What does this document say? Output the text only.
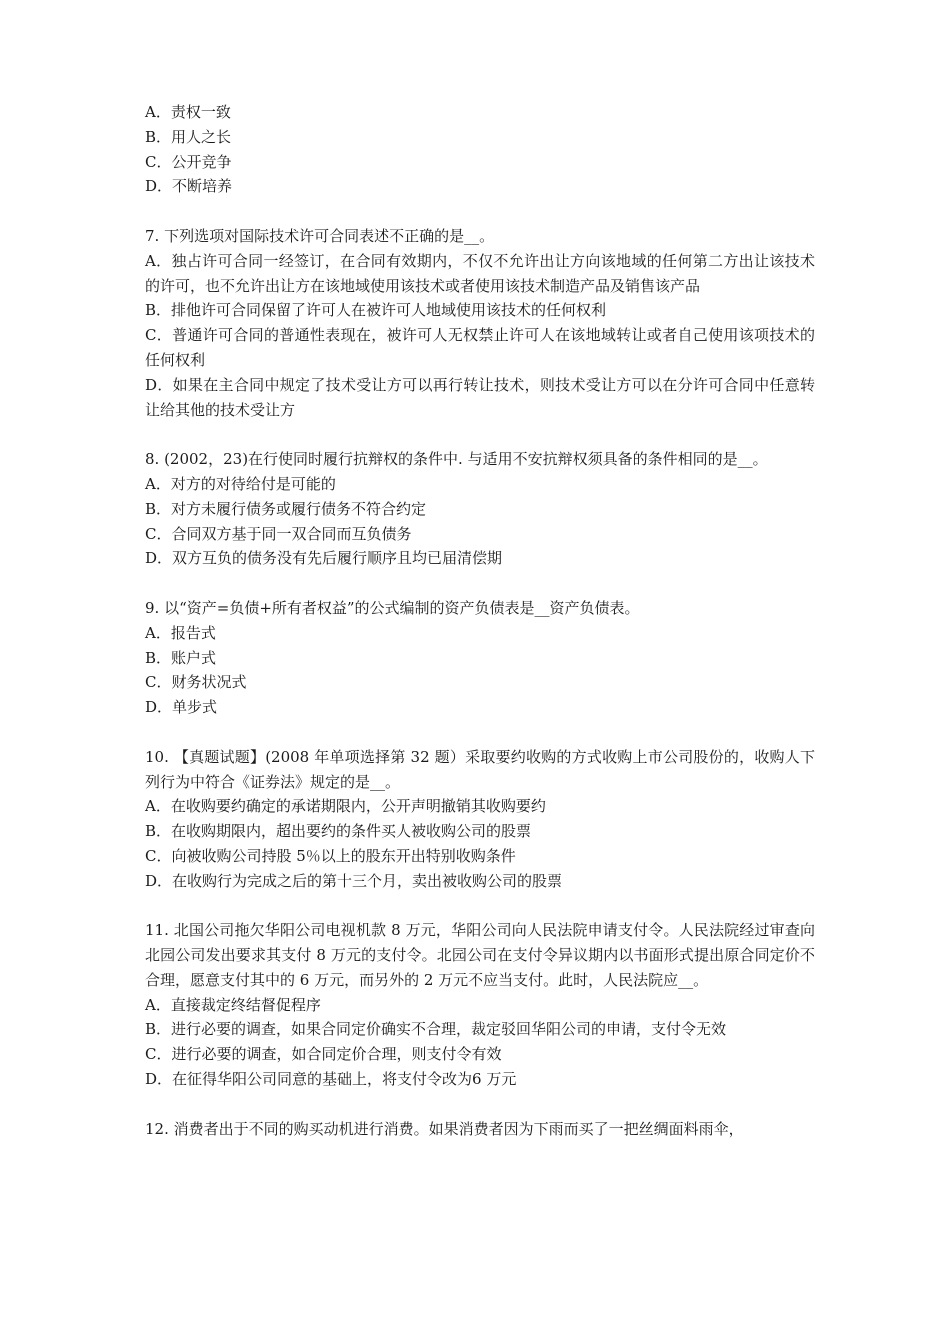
A．责权一致
B．用人之长
C．公开竞争
D．不断培养
7. 下列选项对国际技术许可合同表述不正确的是__。
A．独占许可合同一经签订，在合同有效期内，不仅不允许出让方向该地域的任何第二方出让该技术的许可，也不允许出让方在该地域使用该技术或者使用该技术制造产品及销售该产品
B．排他许可合同保留了许可人在被许可人地域使用该技术的任何权利
C．普通许可合同的普通性表现在，被许可人无权禁止许可人在该地域转让或者自己使用该项技术的任何权利
D．如果在主合同中规定了技术受让方可以再行转让技术，则技术受让方可以在分许可合同中任意转让给其他的技术受让方
8. (2002，23)在行使同时履行抗辩权的条件中. 与适用不安抗辩权须具备的条件相同的是__。
A．对方的对待给付是可能的
B．对方未履行债务或履行债务不符合约定
C．合同双方基于同一双合同而互负债务
D．双方互负的债务没有先后履行顺序且均已届清偿期
9. 以“资产=负债+所有者权益”的公式编制的资产负债表是__资产负债表。
A．报告式
B．账户式
C．财务状况式
D．单步式
10. 【真题试题】(2008 年单项选择第 32 题）采取要约收购的方式收购上市公司股份的，收购人下列行为中符合《证券法》规定的是__。
A．在收购要约确定的承诺期限内，公开声明撤销其收购要约
B．在收购期限内，超出要约的条件买人被收购公司的股票
C．向被收购公司持股 5％以上的股东开出特别收购条件
D．在收购行为完成之后的第十三个月，卖出被收购公司的股票
11. 北国公司拖欠华阳公司电视机款 8 万元，华阳公司向人民法院申请支付令。人民法院经过审查向北园公司发出要求其支付 8 万元的支付令。北园公司在支付令异议期内以书面形式提出原合同定价不合理，愿意支付其中的 6 万元，而另外的 2 万元不应当支付。此时，人民法院应__。
A．直接裁定终结督促程序
B．进行必要的调查，如果合同定价确实不合理，裁定驳回华阳公司的申请，支付令无效
C．进行必要的调查，如合同定价合理，则支付令有效
D．在征得华阳公司同意的基础上，将支付令改为6 万元
12. 消费者出于不同的购买动机进行消费。如果消费者因为下雨而买了一把丝绸面料雨伞，
